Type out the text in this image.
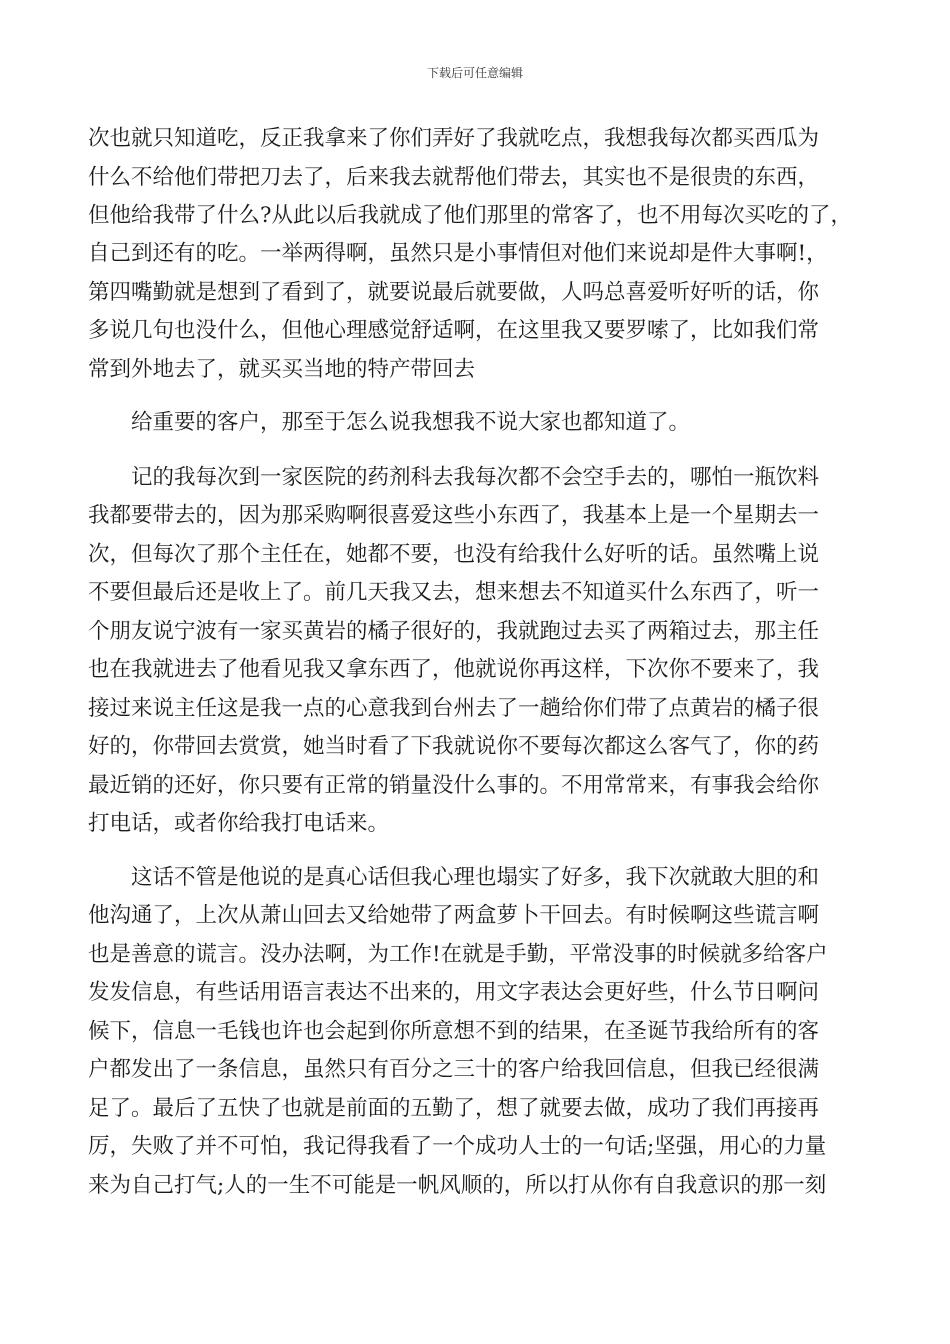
下载后可任意编辑
次也就只知道吃，反正我拿来了你们弄好了我就吃点，我想我每次都买西瓜为
什么不给他们带把刀去了，后来我去就帮他们带去，其实也不是很贵的东西，
但他给我带了什么?从此以后我就成了他们那里的常客了，也不用每次买吃的了，
自己到还有的吃。一举两得啊，虽然只是小事情但对他们来说却是件大事啊!，
第四嘴勤就是想到了看到了，就要说最后就要做，人吗总喜爱听好听的话，你
多说几句也没什么，但他心理感觉舒适啊，在这里我又要罗嗦了，比如我们常
常到外地去了，就买买当地的特产带回去
给重要的客户，那至于怎么说我想我不说大家也都知道了。
记的我每次到一家医院的药剂科去我每次都不会空手去的，哪怕一瓶饮料
我都要带去的，因为那采购啊很喜爱这些小东西了，我基本上是一个星期去一
次，但每次了那个主任在，她都不要，也没有给我什么好听的话。虽然嘴上说
不要但最后还是收上了。前几天我又去，想来想去不知道买什么东西了，听一
个朋友说宁波有一家买黄岩的橘子很好的，我就跑过去买了两箱过去，那主任
也在我就进去了他看见我又拿东西了，他就说你再这样，下次你不要来了，我
接过来说主任这是我一点的心意我到台州去了一趟给你们带了点黄岩的橘子很
好的，你带回去赏赏，她当时看了下我就说你不要每次都这么客气了，你的药
最近销的还好，你只要有正常的销量没什么事的。不用常常来，有事我会给你
打电话，或者你给我打电话来。
这话不管是他说的是真心话但我心理也塌实了好多，我下次就敢大胆的和
他沟通了，上次从萧山回去又给她带了两盒萝卜干回去。有时候啊这些谎言啊
也是善意的谎言。没办法啊，为工作!在就是手勤，平常没事的时候就多给客户
发发信息，有些话用语言表达不出来的，用文字表达会更好些，什么节日啊问
候下，信息一毛钱也许也会起到你所意想不到的结果，在圣诞节我给所有的客
户都发出了一条信息，虽然只有百分之三十的客户给我回信息，但我已经很满
足了。最后了五快了也就是前面的五勤了，想了就要去做，成功了我们再接再
厉，失败了并不可怕，我记得我看了一个成功人士的一句话;坚强，用心的力量
来为自己打气;人的一生不可能是一帆风顺的，所以打从你有自我意识的那一刻
